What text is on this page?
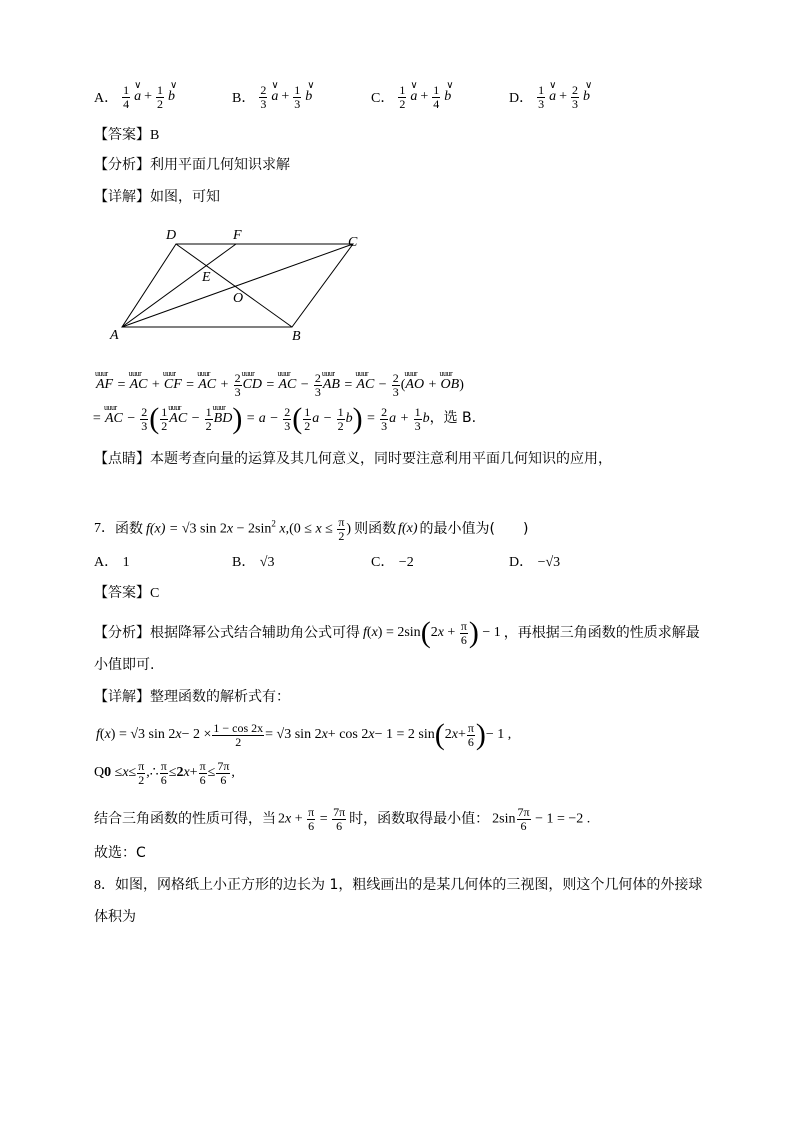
A． $\frac{1}{4}$ ∨
$a + \frac{1}{2}$ ∨
b	B． $\frac{2}{3}$ ∨
$a + \frac{1}{3}$ ∨
b	C． $\frac{1}{2}$ ∨
$a + \frac{1}{4}$ ∨
b	D． $\frac{1}{3}$ ∨
$a + \frac{2}{3}$ ∨
b
【答案】B
【分析】利用平面几何知识求解
【详解】如图，可知
D	F	C
E
O
A	B
uuur AF = uuur AC + uuur CF = uuur AC + $\frac{2}{3}$ uuur CD = uuur AC − $\frac{2}{3}$ uuur AB = uuur AC − $\frac{2}{3}$ (uuur AO + uuur OB)
= uuur AC − $\frac{2}{3}$ ( $\frac{1}{2}$ uuur AC − $\frac{1}{2}$ uuur $BD) = a - \frac{2}{3}$ ( $\frac{1}{2}$ $a - \frac{1}{2} b) = \frac{2}{3}$ $a + \frac{1}{3}$ b，选 B.
【点睛】本题考查向量的运算及其几何意义，同时要注意利用平面几何知识的应用，
7． 函数 f(x) = √3 $\sin 2x - 2\sin^2$ $x,(0 \le x \le \frac{\pi}{2}$ ) 则函数 f(x) 的最小值为(　　)
A． 1	B． √3	C． −2	D． −√3
【答案】C
【分析】 根据降幂公式结合辅助角公式可得 $f(x) = 2\sin(2x + \frac{\pi}{6}$ ) − 1 ，再根据三角函数的性质求解最
小值即可.
【详解】整理函数的解析式有：
f ( x ) = √3 sin 2 $x - 2 \times \frac{1 - \cos 2x}{2} = √3$ sin 2 x + cos 2 x − 1 = 2 sin ( 2 $x + \frac{\pi}{6}$ ) − 1 ,
Q $0 \le x \le \frac{\pi}{2}$ ,∴ $\frac{\pi}{6} \le 2$ $x + \frac{\pi}{6} \le \frac{7\pi}{6}$ ,
结合三角函数的性质可得，当 $2x + \frac{\pi}{6} = \frac{7\pi}{6}$ 时，函数取得最小值： $2\sin \frac{7\pi}{6} - 1 = -2$ .
故选：C
8．如图，网格纸上小正方形的边长为 1，粗线画出的是某几何体的三视图，则这个几何体的外接球
体积为
